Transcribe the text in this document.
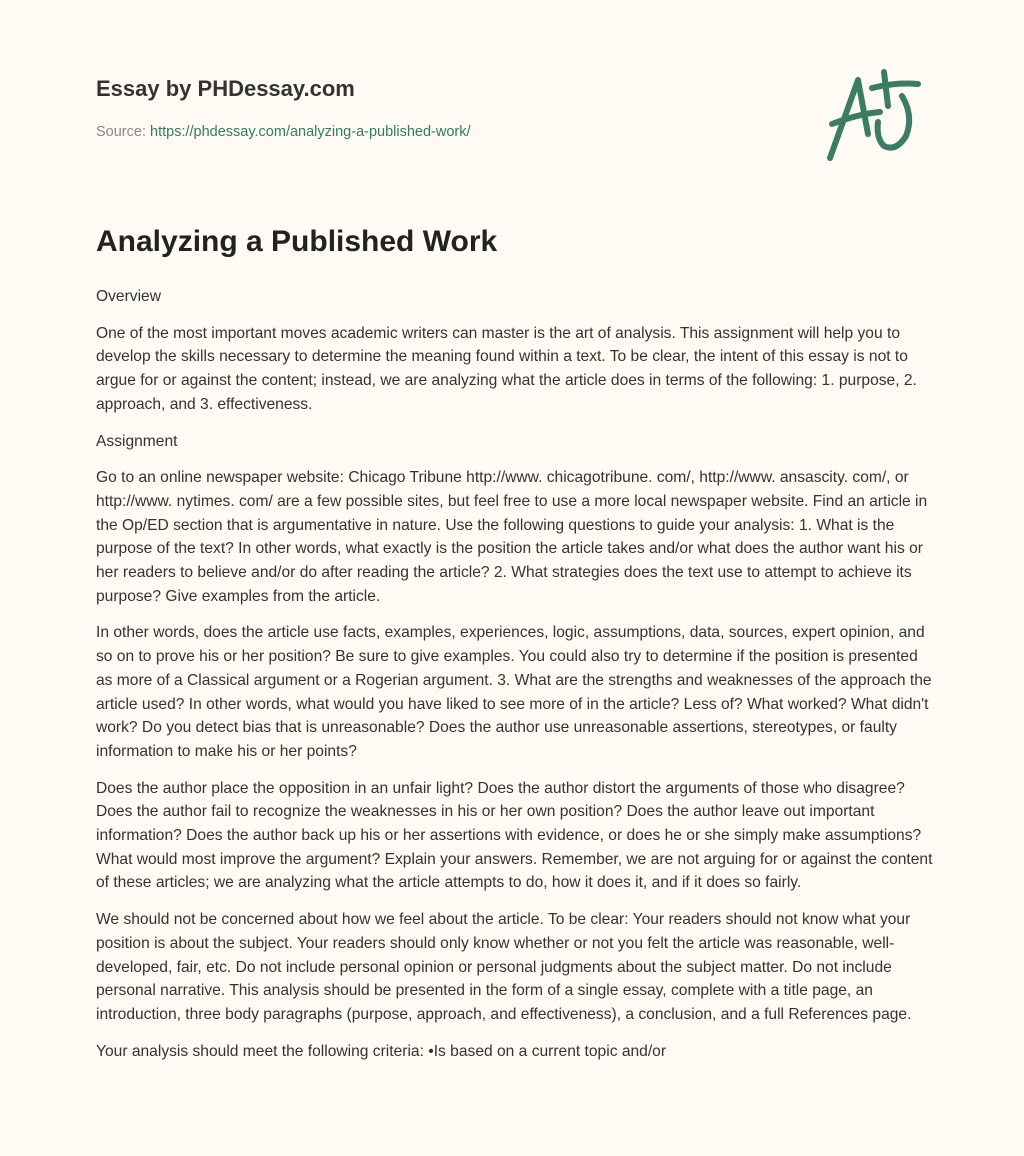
Essay by PHDessay.com
Source: https://phdessay.com/analyzing-a-published-work/
Analyzing a Published Work

Overview

One of the most important moves academic writers can master is the art of analysis. This assignment will help you to develop the skills necessary to determine the meaning found within a text. To be clear, the intent of this essay is not to argue for or against the content; instead, we are analyzing what the article does in terms of the following: 1. purpose, 2. approach, and 3. effectiveness.

Assignment

Go to an online newspaper website: Chicago Tribune http://www. chicagotribune. com/, http://www. ansascity. com/, or http://www. nytimes. com/ are a few possible sites, but feel free to use a more local newspaper website. Find an article in the Op/ED section that is argumentative in nature. Use the following questions to guide your analysis: 1. What is the purpose of the text? In other words, what exactly is the position the article takes and/or what does the author want his or her readers to believe and/or do after reading the article? 2. What strategies does the text use to attempt to achieve its purpose? Give examples from the article.

In other words, does the article use facts, examples, experiences, logic, assumptions, data, sources, expert opinion, and so on to prove his or her position? Be sure to give examples. You could also try to determine if the position is presented as more of a Classical argument or a Rogerian argument. 3. What are the strengths and weaknesses of the approach the article used? In other words, what would you have liked to see more of in the article? Less of? What worked? What didn't work? Do you detect bias that is unreasonable? Does the author use unreasonable assertions, stereotypes, or faulty information to make his or her points?

Does the author place the opposition in an unfair light? Does the author distort the arguments of those who disagree? Does the author fail to recognize the weaknesses in his or her own position? Does the author leave out important information? Does the author back up his or her assertions with evidence, or does he or she simply make assumptions? What would most improve the argument? Explain your answers. Remember, we are not arguing for or against the content of these articles; we are analyzing what the article attempts to do, how it does it, and if it does so fairly.

We should not be concerned about how we feel about the article. To be clear: Your readers should not know what your position is about the subject. Your readers should only know whether or not you felt the article was reasonable, well-developed, fair, etc. Do not include personal opinion or personal judgments about the subject matter. Do not include personal narrative. This analysis should be presented in the form of a single essay, complete with a title page, an introduction, three body paragraphs (purpose, approach, and effectiveness), a conclusion, and a full References page.

Your analysis should meet the following criteria: •Is based on a current topic and/or
